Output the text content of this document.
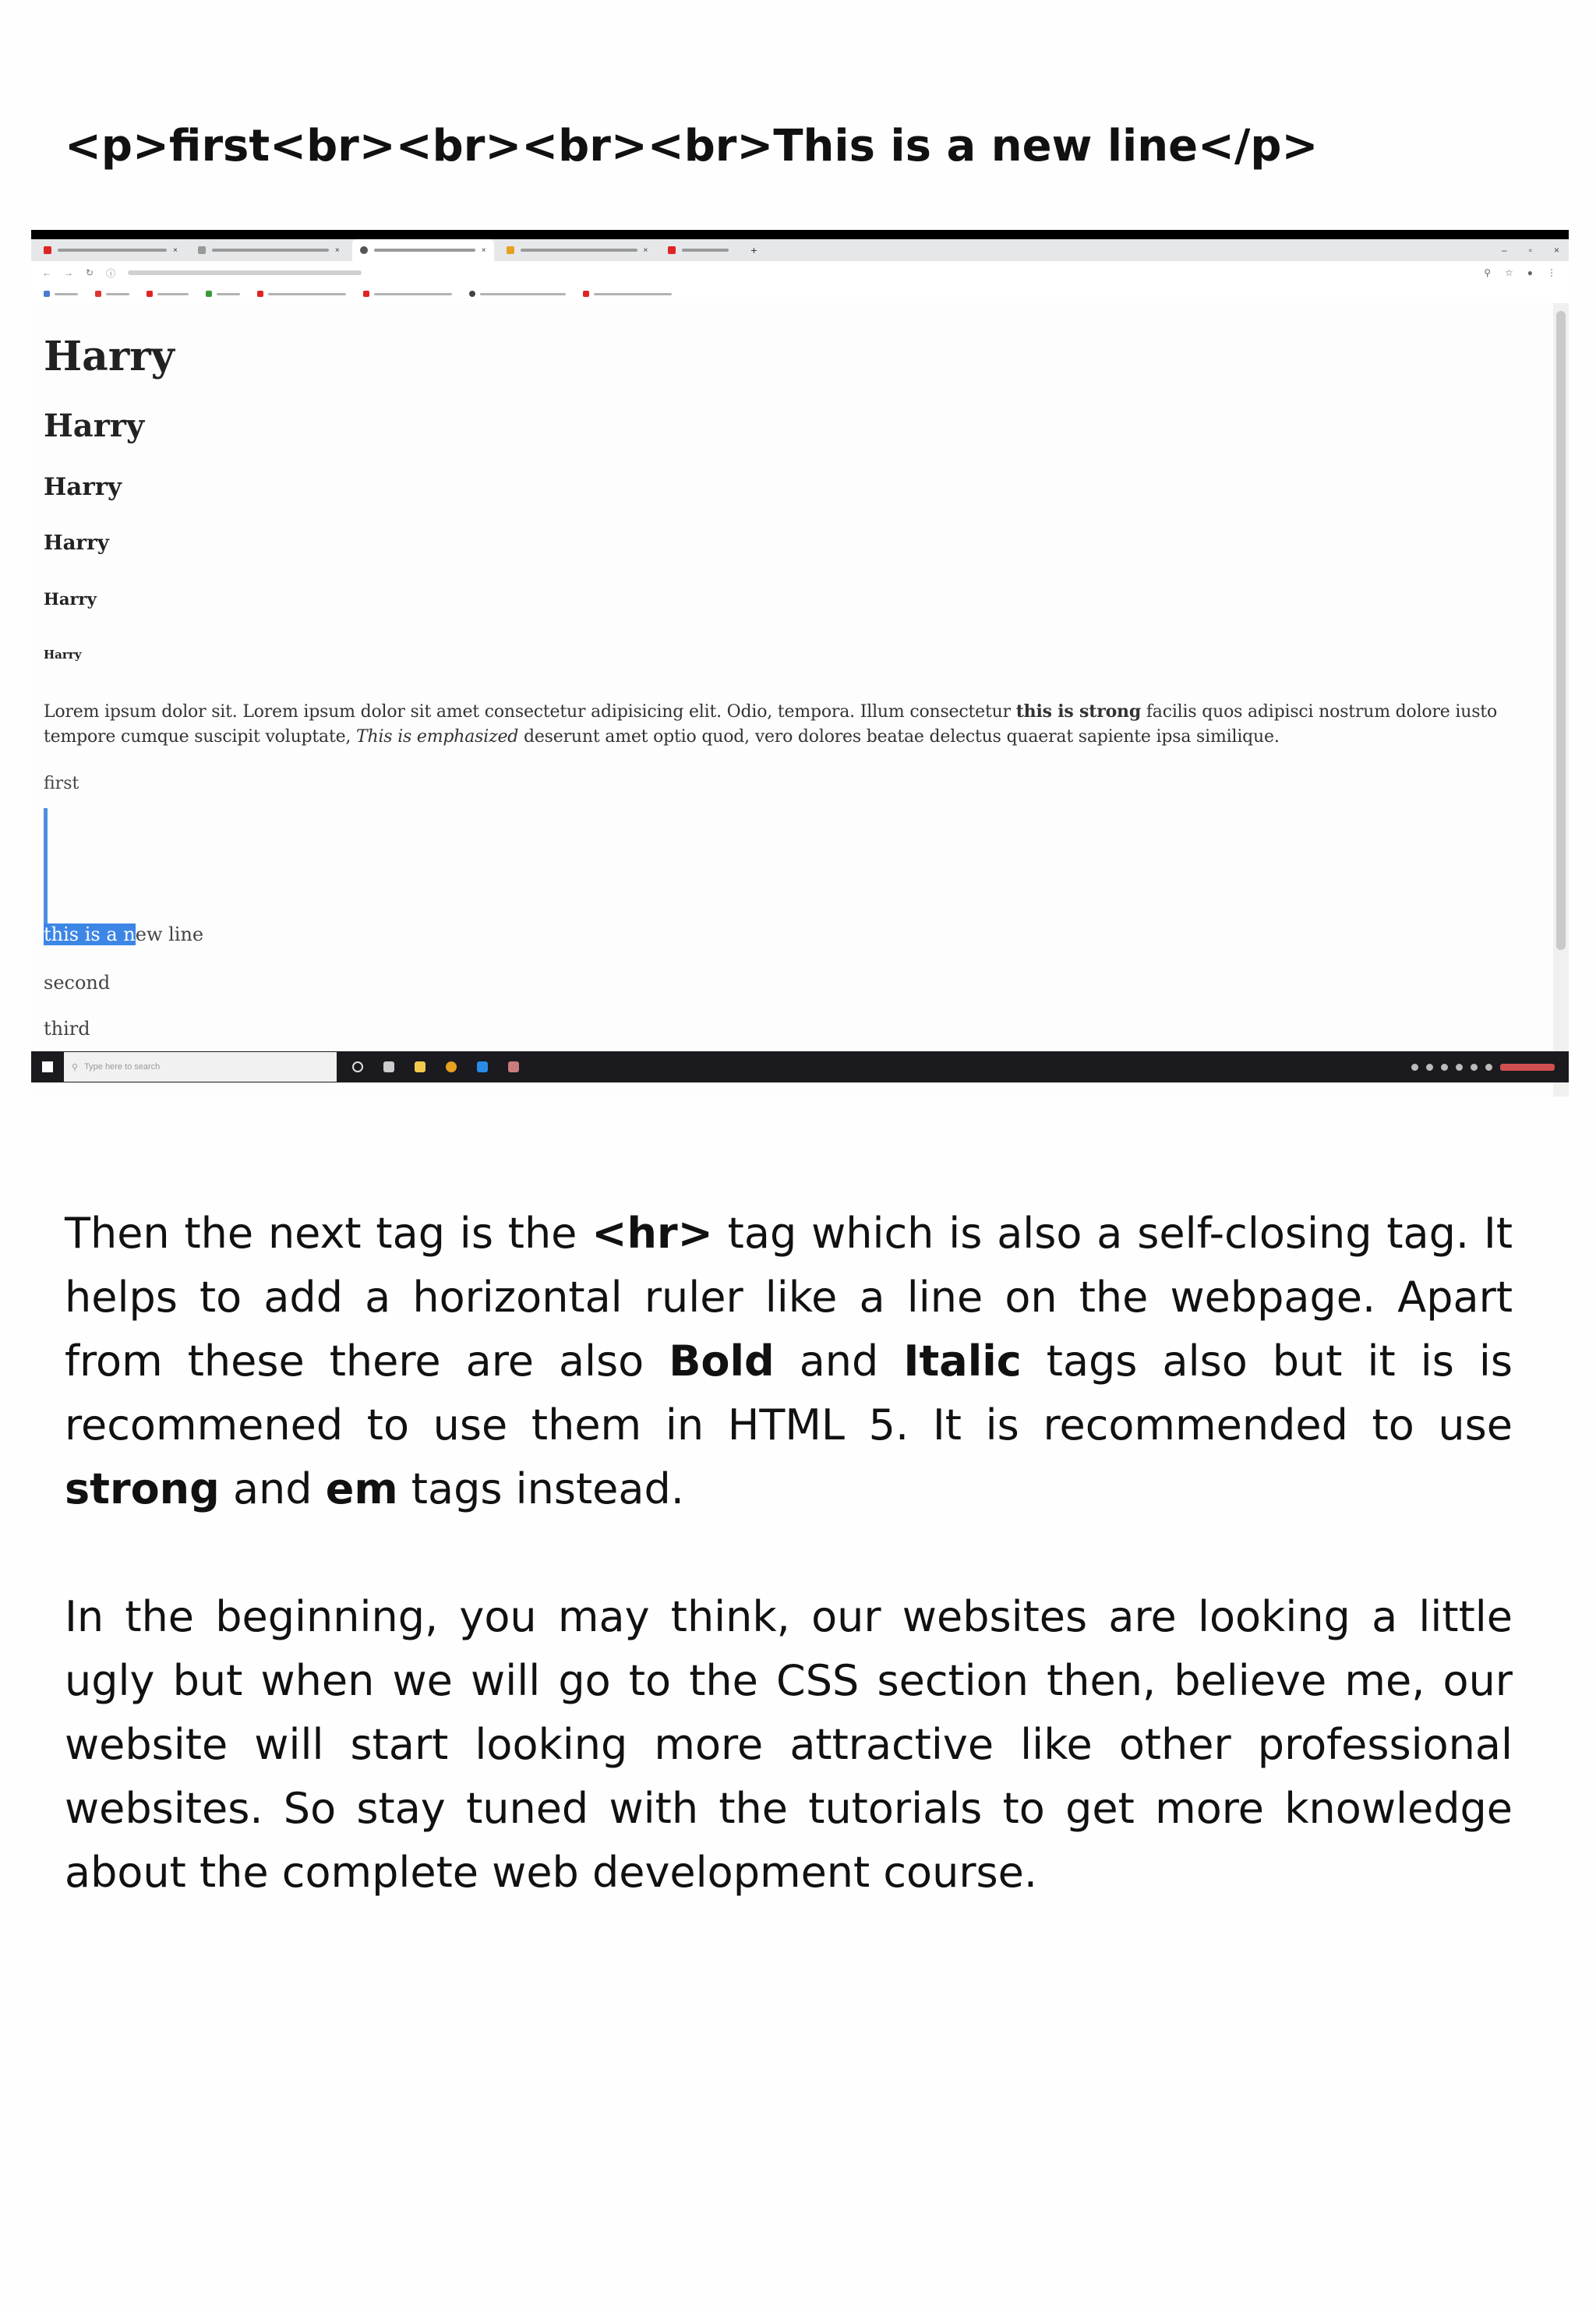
<p>first<br><br><br><br>This is a new line</p>
×	×	×	×	+	– ▫ ×
← → ↻ ⓘ	⚲ ☆ ● ⋮
Harry
Harry
Harry
Harry
Harry
Harry

Lorem ipsum dolor sit. Lorem ipsum dolor sit amet consectetur adipisicing elit. Odio, tempora. Illum consectetur this is strong facilis quos adipisci nostrum dolore iusto tempore cumque suscipit voluptate, This is emphasized deserunt amet optio quod, vero dolores beatae delectus quaerat sapiente ipsa similique.

first

this is a new line

second

third

⚲ Type here to search

Then the next tag is the <hr> tag which is also a self-closing tag. It helps to add a horizontal ruler like a line on the webpage. Apart from these there are also Bold and Italic tags also but it is is recommened to use them in HTML 5. It is recommended to use strong and em tags instead.

In the beginning, you may think, our websites are looking a little ugly but when we will go to the CSS section then, believe me, our website will start looking more attractive like other professional websites. So stay tuned with the tutorials to get more knowledge about the complete web development course.
